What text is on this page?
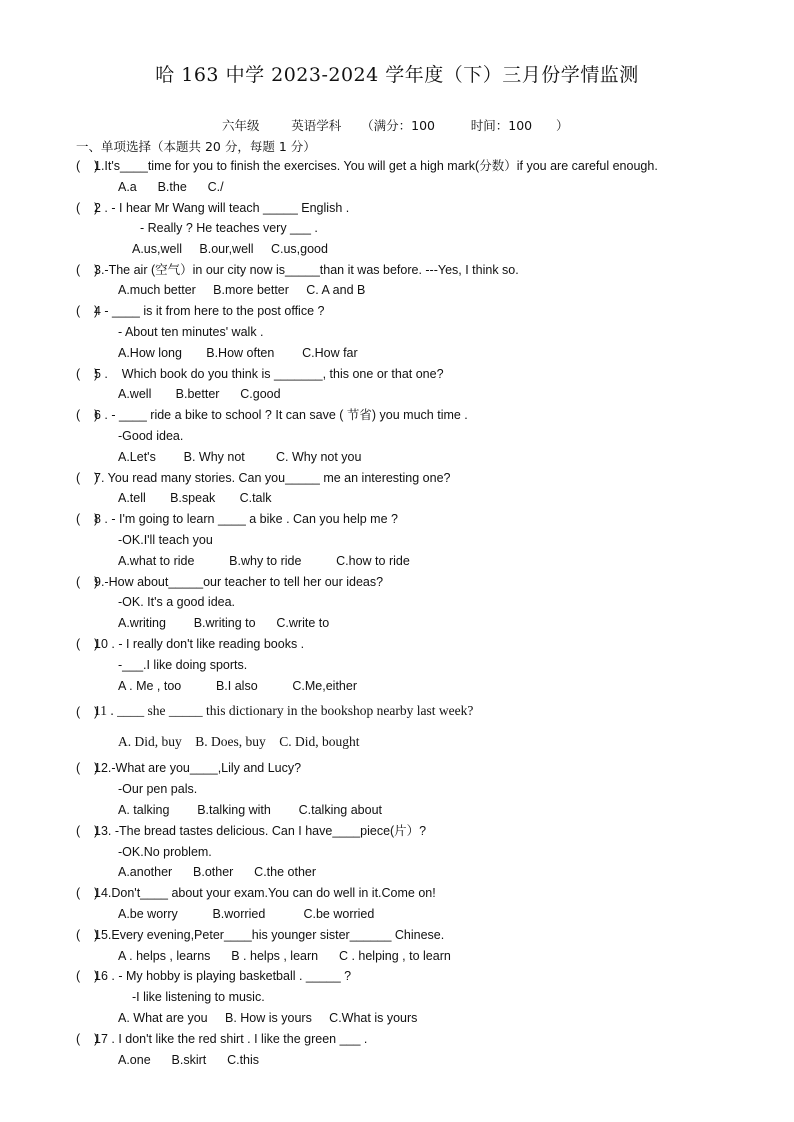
哈 163 中学 2023-2024 学年度（下）三月份学情监测
六年级        英语学科     （满分：100         时间：100      ）
一、单项选择（本题共 20 分，每题 1 分）
(    )
1.It's____time for you to finish the exercises. You will get a high mark(分数）if you are careful enough.
A.a      B.the      C./
(    )
2 . - I hear Mr Wang will teach _____ English .
- Really ? He teaches very ___ .
A.us,well     B.our,well     C.us,good
(    )
3.-The air (空气）in our city now is_____than it was before. ---Yes, I think so.
A.much better     B.more better     C. A and B
(    )
4 - ____ is it from here to the post office ?
- About ten minutes' walk .
A.How long       B.How often        C.How far
(    )
5 .    Which book do you think is _______, this one or that one?
A.well       B.better      C.good
(    )
6 . - ____ ride a bike to school ? It can save ( 节省) you much time .
-Good idea.
A.Let's        B. Why not         C. Why not you
(    )
7. You read many stories. Can you_____ me an interesting one?
A.tell       B.speak       C.talk
(    )
8 . - I'm going to learn ____ a bike . Can you help me ?
-OK.I'll teach you
A.what to ride          B.why to ride          C.how to ride
(    )
9.-How about_____our teacher to tell her our ideas?
-OK. It's a good idea.
A.writing        B.writing to      C.write to
(    )
10 . - I really don't like reading books .
-___.I like doing sports.
A . Me , too          B.I also          C.Me,either
(    )
11 . ____ she _____ this dictionary in the bookshop nearby last week?
A. Did, buy    B. Does, buy    C. Did, bought
(    )
12.-What are you____,Lily and Lucy?
-Our pen pals.
A. talking        B.talking with        C.talking about
(    )
13. -The bread tastes delicious. Can I have____piece(片）?
-OK.No problem.
A.another      B.other      C.the other
(    )
14.Don't____ about your exam.You can do well in it.Come on!
A.be worry          B.worried           C.be worried
(    )
15.Every evening,Peter____his younger sister______ Chinese.
A . helps , learns      B . helps , learn      C . helping , to learn
(    )
16 . - My hobby is playing basketball . _____ ?
-I like listening to music.
A. What are you     B. How is yours     C.What is yours
(    )
17 . I don't like the red shirt . I like the green ___ .
A.one      B.skirt      C.this
